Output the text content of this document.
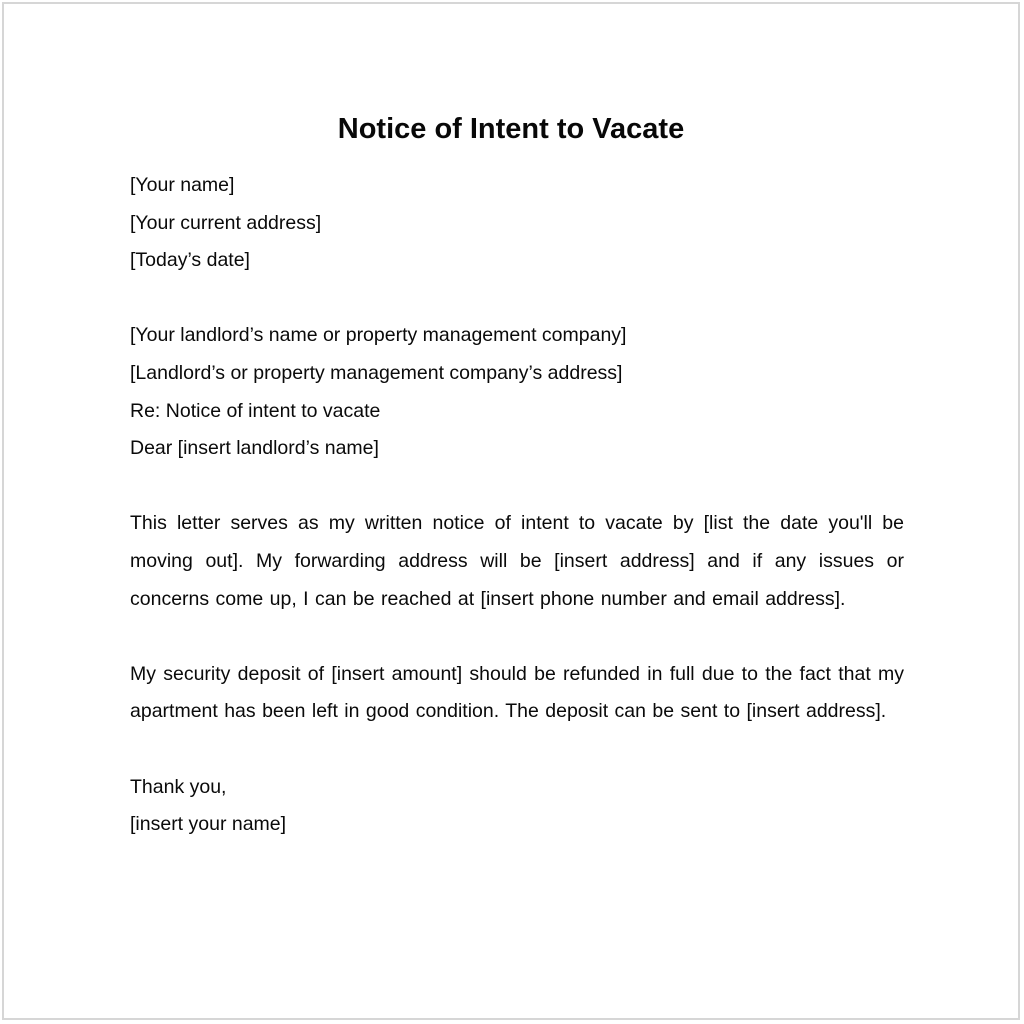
Notice of Intent to Vacate
[Your name]
[Your current address]
[Today’s date]
[Your landlord’s name or property management company]
[Landlord’s or property management company’s address]
Re: Notice of intent to vacate
Dear [insert landlord’s name]

This letter serves as my written notice of intent to vacate by [list the date you'll be moving out]. My forwarding address will be [insert address] and if any issues or concerns come up, I can be reached at [insert phone number and email address].

My security deposit of [insert amount] should be refunded in full due to the fact that my apartment has been left in good condition. The deposit can be sent to [insert address].

Thank you,
[insert your name]
